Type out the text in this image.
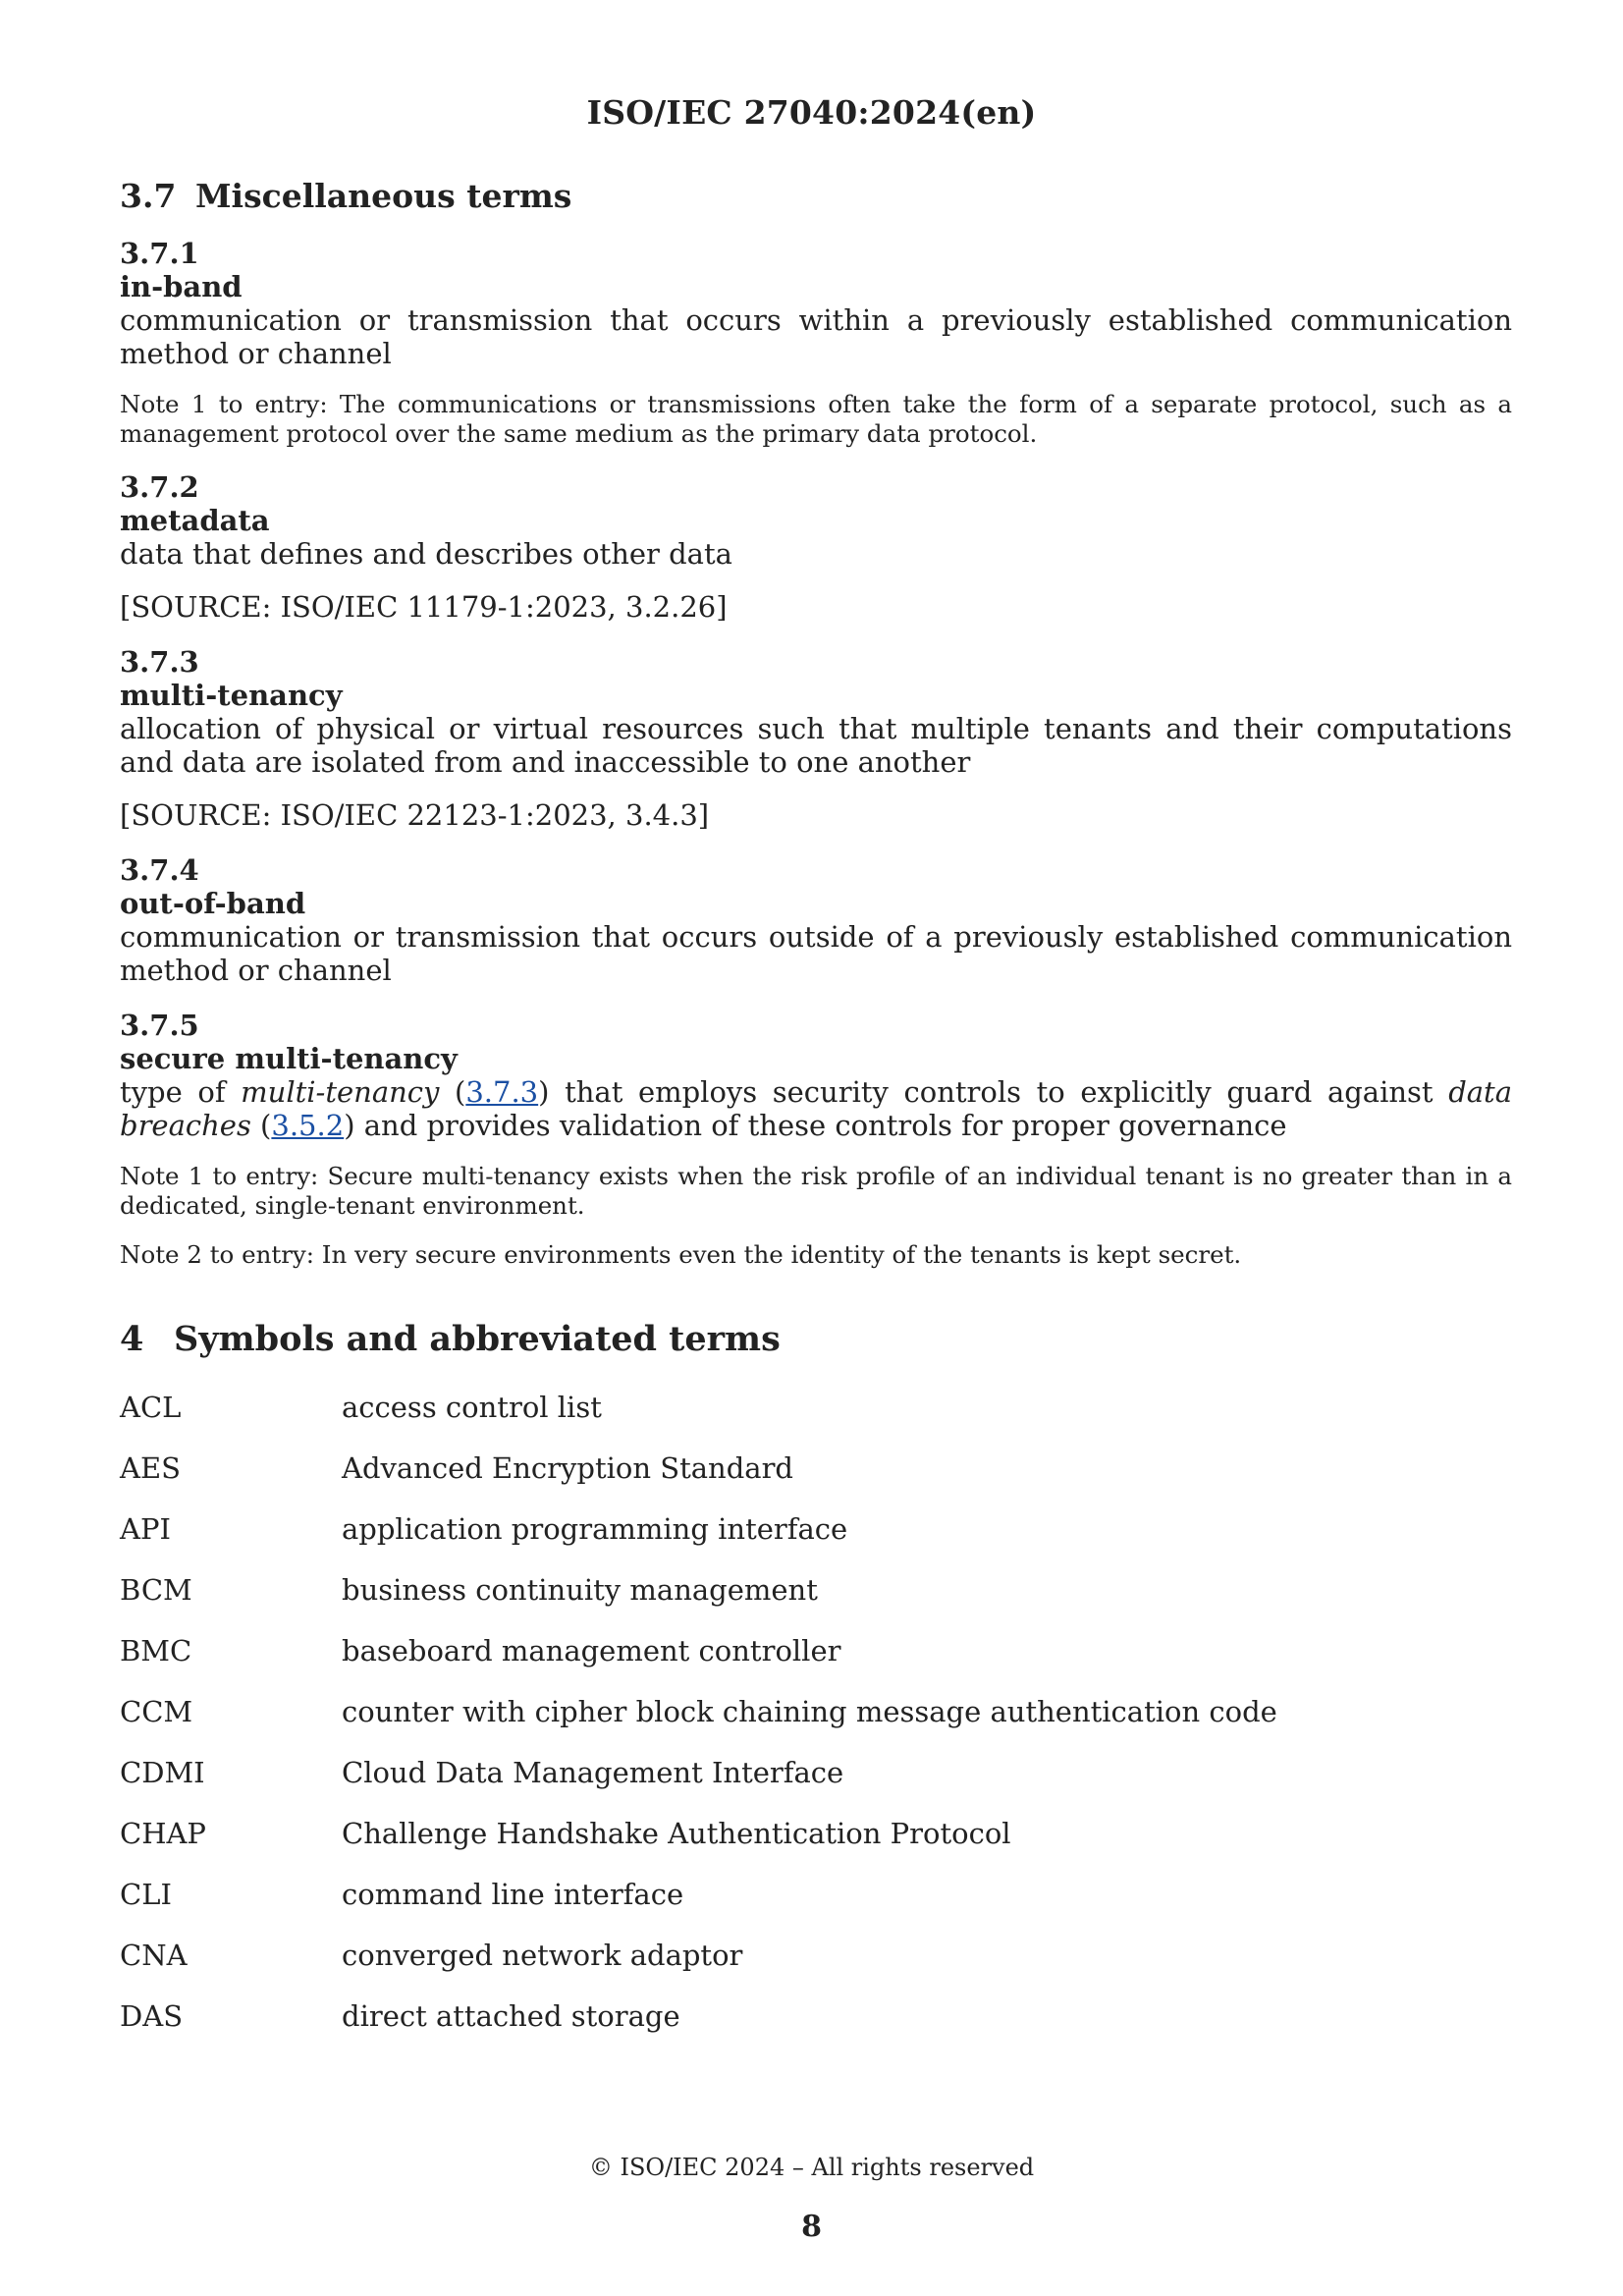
ISO/IEC 27040:2024(en)
3.7 Miscellaneous terms
3.7.1
in-band
communication or transmission that occurs within a previously established communication method or channel
Note 1 to entry: The communications or transmissions often take the form of a separate protocol, such as a management protocol over the same medium as the primary data protocol.
3.7.2
metadata
data that defines and describes other data
[SOURCE: ISO/IEC 11179-1:2023, 3.2.26]
3.7.3
multi-tenancy
allocation of physical or virtual resources such that multiple tenants and their computations and data are isolated from and inaccessible to one another
[SOURCE: ISO/IEC 22123-1:2023, 3.4.3]
3.7.4
out-of-band
communication or transmission that occurs outside of a previously established communication method or channel
3.7.5
secure multi-tenancy
type of multi-tenancy (3.7.3) that employs security controls to explicitly guard against data breaches (3.5.2) and provides validation of these controls for proper governance
Note 1 to entry: Secure multi-tenancy exists when the risk profile of an individual tenant is no greater than in a dedicated, single-tenant environment.
Note 2 to entry: In very secure environments even the identity of the tenants is kept secret.
4 Symbols and abbreviated terms
ACL	access control list
AES	Advanced Encryption Standard
API	application programming interface
BCM	business continuity management
BMC	baseboard management controller
CCM	counter with cipher block chaining message authentication code
CDMI	Cloud Data Management Interface
CHAP	Challenge Handshake Authentication Protocol
CLI	command line interface
CNA	converged network adaptor
DAS	direct attached storage
© ISO/IEC 2024 – All rights reserved
8
